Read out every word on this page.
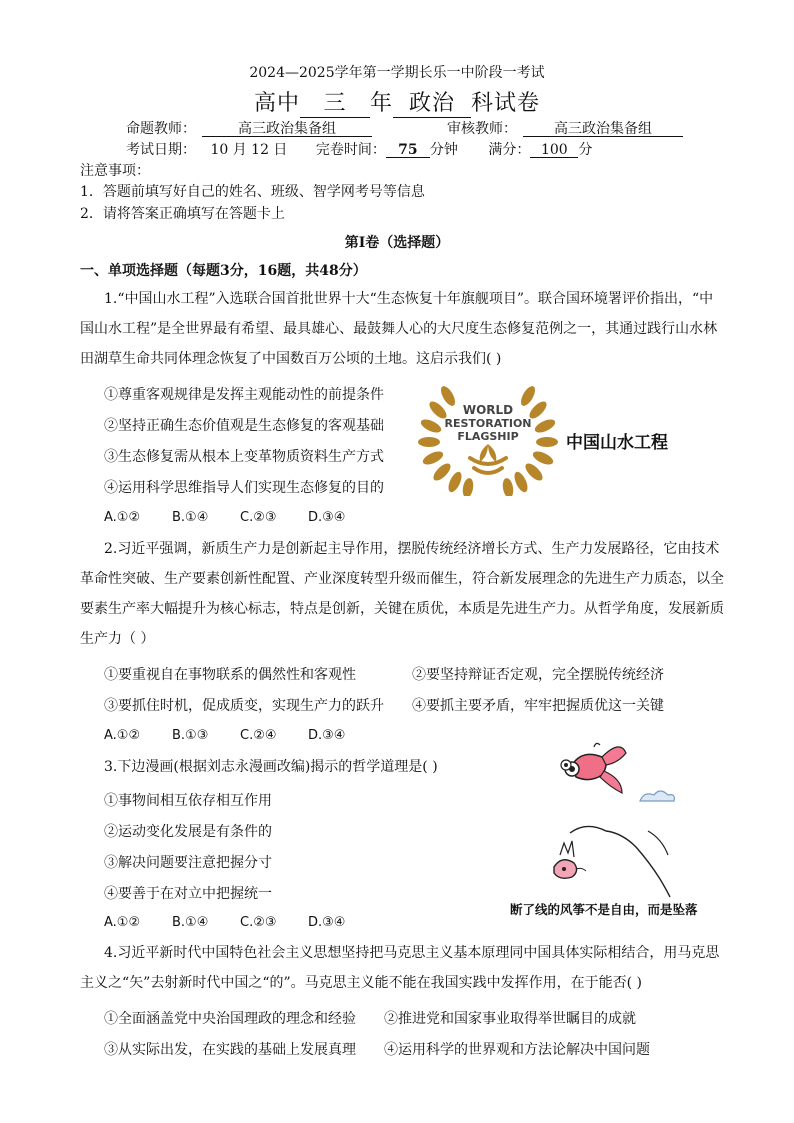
2024—2025学年第一学期长乐一中阶段一考试
高中 三 年 政治 科试卷
命题教师：	高三政治集备组	审核教师：	高三政治集备组
考试日期： 10 月 12 日 完卷时间： 75 分钟 满分： 100 分
注意事项：
1．答题前填写好自己的姓名、班级、智学网考号等信息
2．请将答案正确填写在答题卡上
第Ⅰ卷（选择题）
一、单项选择题（每题3分，16题，共48分）
1.“中国山水工程”入选联合国首批世界十大“生态恢复十年旗舰项目”。联合国环境署评价指出，“中
国山水工程”是全世界最有希望、最具雄心、最鼓舞人心的大尺度生态修复范例之一，其通过践行山水林
田湖草生命共同体理念恢复了中国数百万公顷的土地。这启示我们( )
①尊重客观规律是发挥主观能动性的前提条件
②坚持正确生态价值观是生态修复的客观基础
③生态修复需从根本上变革物质资料生产方式
④运用科学思维指导人们实现生态修复的目的
A.①② B.①④ C.②③ D.③④
WORLD
RESTORATION
FLAGSHIP	中国山水工程
2.习近平强调，新质生产力是创新起主导作用，摆脱传统经济增长方式、生产力发展路径，它由技术
革命性突破、生产要素创新性配置、产业深度转型升级而催生，符合新发展理念的先进生产力质态，以全
要素生产率大幅提升为核心标志，特点是创新，关键在质优，本质是先进生产力。从哲学角度，发展新质
生产力（ ）
①要重视自在事物联系的偶然性和客观性	②要坚持辩证否定观，完全摆脱传统经济
③要抓住时机，促成质变，实现生产力的跃升 ④要抓主要矛盾，牢牢把握质优这一关键
A.①② B.①③ C.②④ D.③④
3.下边漫画(根据刘志永漫画改编)揭示的哲学道理是( )
①事物间相互依存相互作用
②运动变化发展是有条件的
③解决问题要注意把握分寸
④要善于在对立中把握统一
A.①② B.①④ C.②③ D.③④
断了线的风筝不是自由，而是坠落
4.习近平新时代中国特色社会主义思想坚持把马克思主义基本原理同中国具体实际相结合，用马克思
主义之“矢”去射新时代中国之“的”。马克思主义能不能在我国实践中发挥作用，在于能否( )
①全面涵盖党中央治国理政的理念和经验 ②推进党和国家事业取得举世瞩目的成就
③从实际出发，在实践的基础上发展真理 ④运用科学的世界观和方法论解决中国问题
